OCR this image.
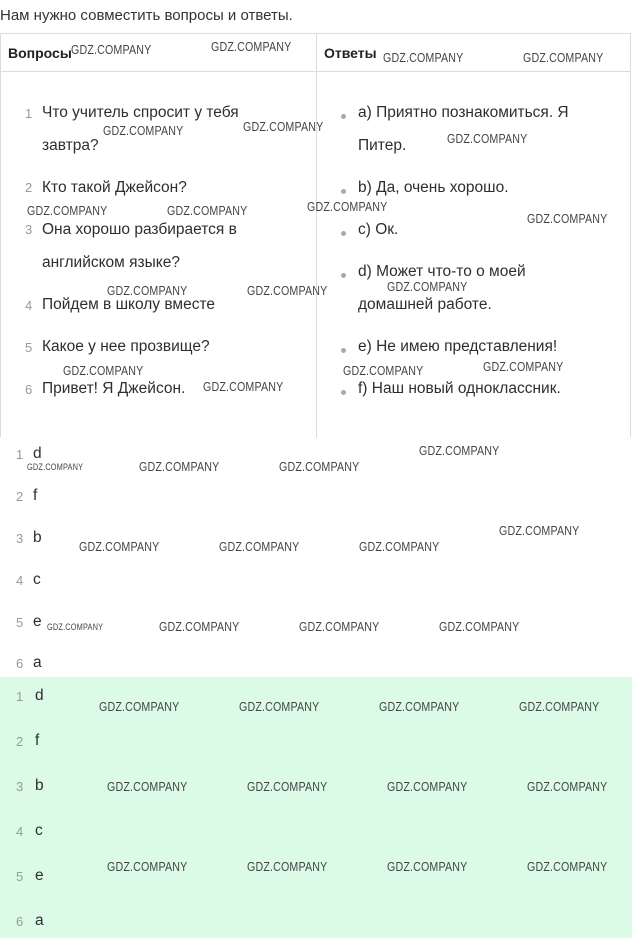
Нам нужно совместить вопросы и ответы.
Вопросы	Ответы
1 Что учитель спросит у тебя
завтра?
2 Кто такой Джейсон?
3 Она хорошо разбирается в
английском языке?
4 Пойдем в школу вместе
5 Какое у нее прозвище?
6 Привет! Я Джейсон.
a) Приятно познакомиться. Я
Питер.
b) Да, очень хорошо.
c) Ок.
d) Может что-то о моей
домашней работе.
e) Не имею представления!
f) Наш новый одноклассник.
1 d
2 f
3 b
4 c
5 e
6 a
1 d
2 f
3 b
4 c
5 e
6 a
GDZ.COMPANY	GDZ.COMPANY
GDZ.COMPANY	GDZ.COMPANY
GDZ.COMPANY	GDZ.COMPANY
GDZ.COMPANY
GDZ.COMPANY	GDZ.COMPANY	GDZ.COMPANY
GDZ.COMPANY
GDZ.COMPANY	GDZ.COMPANY	GDZ.COMPANY
GDZ.COMPANY
GDZ.COMPANY
GDZ.COMPANY	GDZ.COMPANY
GDZ.COMPANY
GDZ.COMPANY	GDZ.COMPANY
GDZ.COMPANY
GDZ.COMPANY	GDZ.COMPANY	GDZ.COMPANY
GDZ.COMPANY	GDZ.COMPANY	GDZ.COMPANY
GDZ.COMPANY	GDZ.COMPANY	GDZ.COMPANY	GDZ.COMPANY
GDZ.COMPANY	GDZ.COMPANY	GDZ.COMPANY	GDZ.COMPANY
GDZ.COMPANY	GDZ.COMPANY	GDZ.COMPANY	GDZ.COMPANY
GDZ.COMPANY
GDZ.COMPANY
